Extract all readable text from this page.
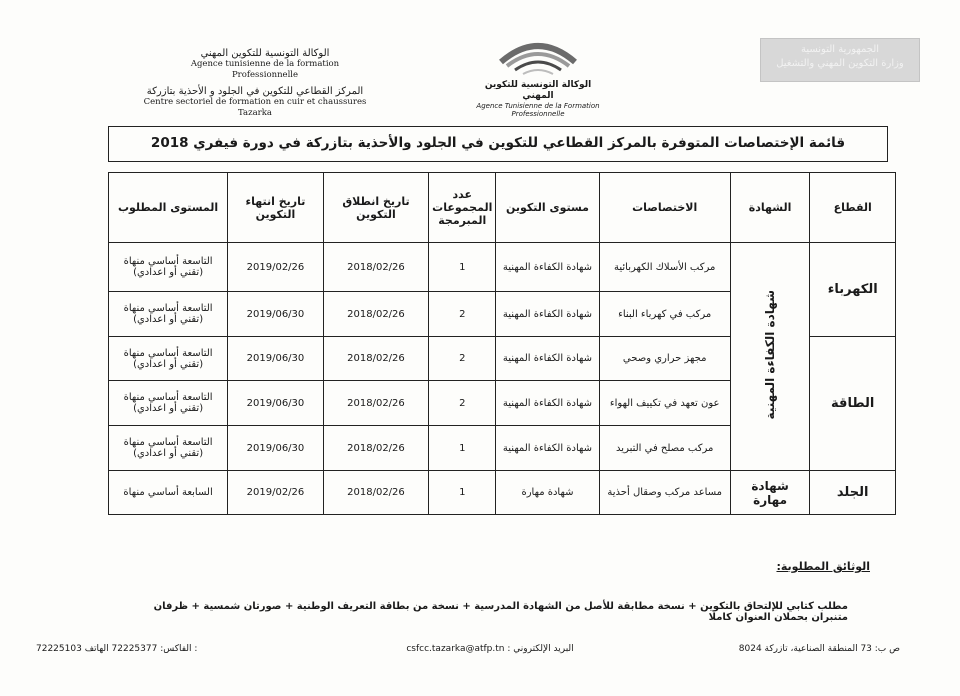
الجمهورية التونسية
وزارة التكوين المهني والتشغيل
الوكالة التونسية للتكوين المهني
Agence Tunisienne de la Formation Professionnelle
الوكالة التونسية للتكوين المهني
Agence tunisienne de la formation
Professionnelle
المركز القطاعي للتكوين في الجلود و الأحذية بتازركة
Centre sectoriel de formation en cuir et chaussures
Tazarka
قائمة الإختصاصات المتوفرة بالمركز القطاعي للتكوين في الجلود والأحذية بتازركة في دورة فيفري 2018
القطاع	الشهادة	الاختصاصات	مستوى التكوين	عدد المجموعات المبرمجة	تاريخ انطلاق التكوين	تاريخ انتهاء التكوين	المستوى المطلوب
الكهرباء	شهادة الكفاءة المهنية	مركب الأسلاك الكهربائية	شهادة الكفاءة المهنية	1	2018/02/26	2019/02/26	التاسعة أساسي منهاة (تقني أو اعدادي)
		مركب في كهرباء البناء	شهادة الكفاءة المهنية	2	2018/02/26	2019/06/30	التاسعة أساسي منهاة (تقني أو اعدادي)
الطاقة		مجهز حراري وصحي	شهادة الكفاءة المهنية	2	2018/02/26	2019/06/30	التاسعة أساسي منهاة (تقني أو اعدادي)
		عون تعهد في تكييف الهواء	شهادة الكفاءة المهنية	2	2018/02/26	2019/06/30	التاسعة أساسي منهاة (تقني أو اعدادي)
		مركب مصلح في التبريد	شهادة الكفاءة المهنية	1	2018/02/26	2019/06/30	التاسعة أساسي منهاة (تقني أو اعدادي)
الجلد	شهادة مهارة	مساعد مركب وصقال أحذية	شهادة مهارة	1	2018/02/26	2019/02/26	السابعة أساسي منهاة
الوثائق المطلوبة:
مطلب كتابي للإلتحاق بالتكوين + نسخة مطابقة للأصل من الشهادة المدرسية + نسخة من بطاقة التعريف الوطنية + صورتان شمسية + ظرفان متنبران بحملان العنوان كاملا
ص ب: 73 المنطقة الصناعية، تازركة 8024
البريد الإلكتروني : csfcc.tazarka@atfp.tn
72225103	الفاكس: 72225377 الهاتف :
